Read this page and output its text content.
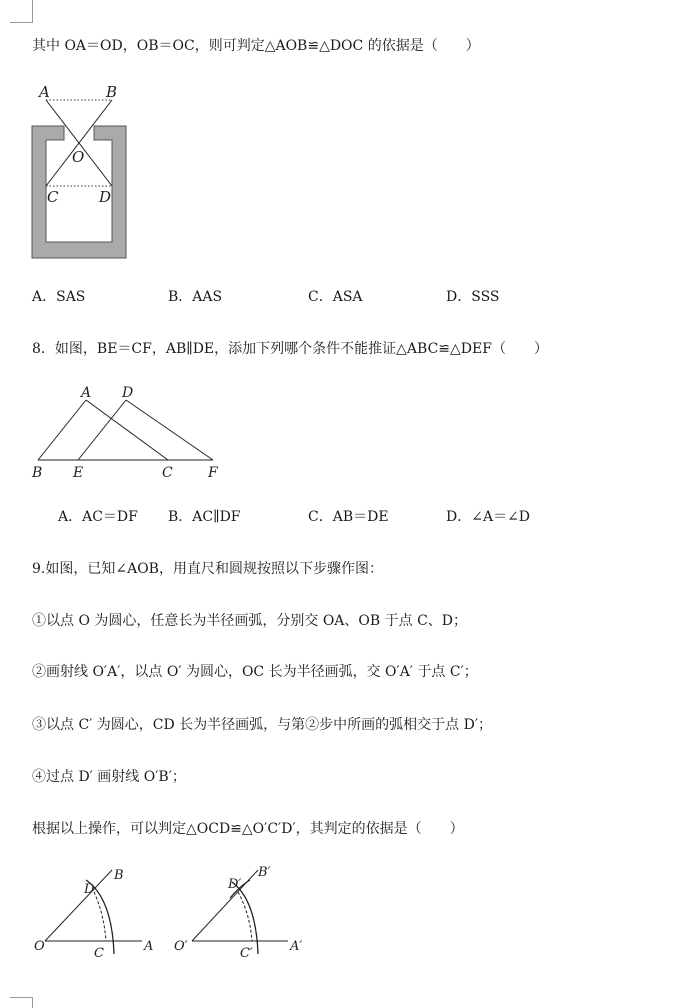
其中 OA＝OD，OB＝OC，则可判定△AOB≌△DOC 的依据是（　　）
A	B
O
C	D
A．SAS	B．AAS	C．ASA	D．SSS
8．如图，BE＝CF，AB∥DE，添加下列哪个条件不能推证△ABC≌△DEF（　　）
A D
B E	C	F
A．AC＝DF B．AC∥DF	C．AB＝DE	D．∠A＝∠D
9.如图，已知∠AOB，用直尺和圆规按照以下步骤作图：
①以点 O 为圆心，任意长为半径画弧，分别交 OA、OB 于点 C、D；
②画射线 O′A′，以点 O′ 为圆心，OC 长为半径画弧，交 O′A′ 于点 C′；
③以点 C′ 为圆心，CD 长为半径画弧，与第②步中所画的弧相交于点 D′；
④过点 D′ 画射线 O′B′；
根据以上操作，可以判定△OCD≌△O′C′D′，其判定的依据是（　　）
D
B
O	C	A
D′
B′
O′	C′	A′
